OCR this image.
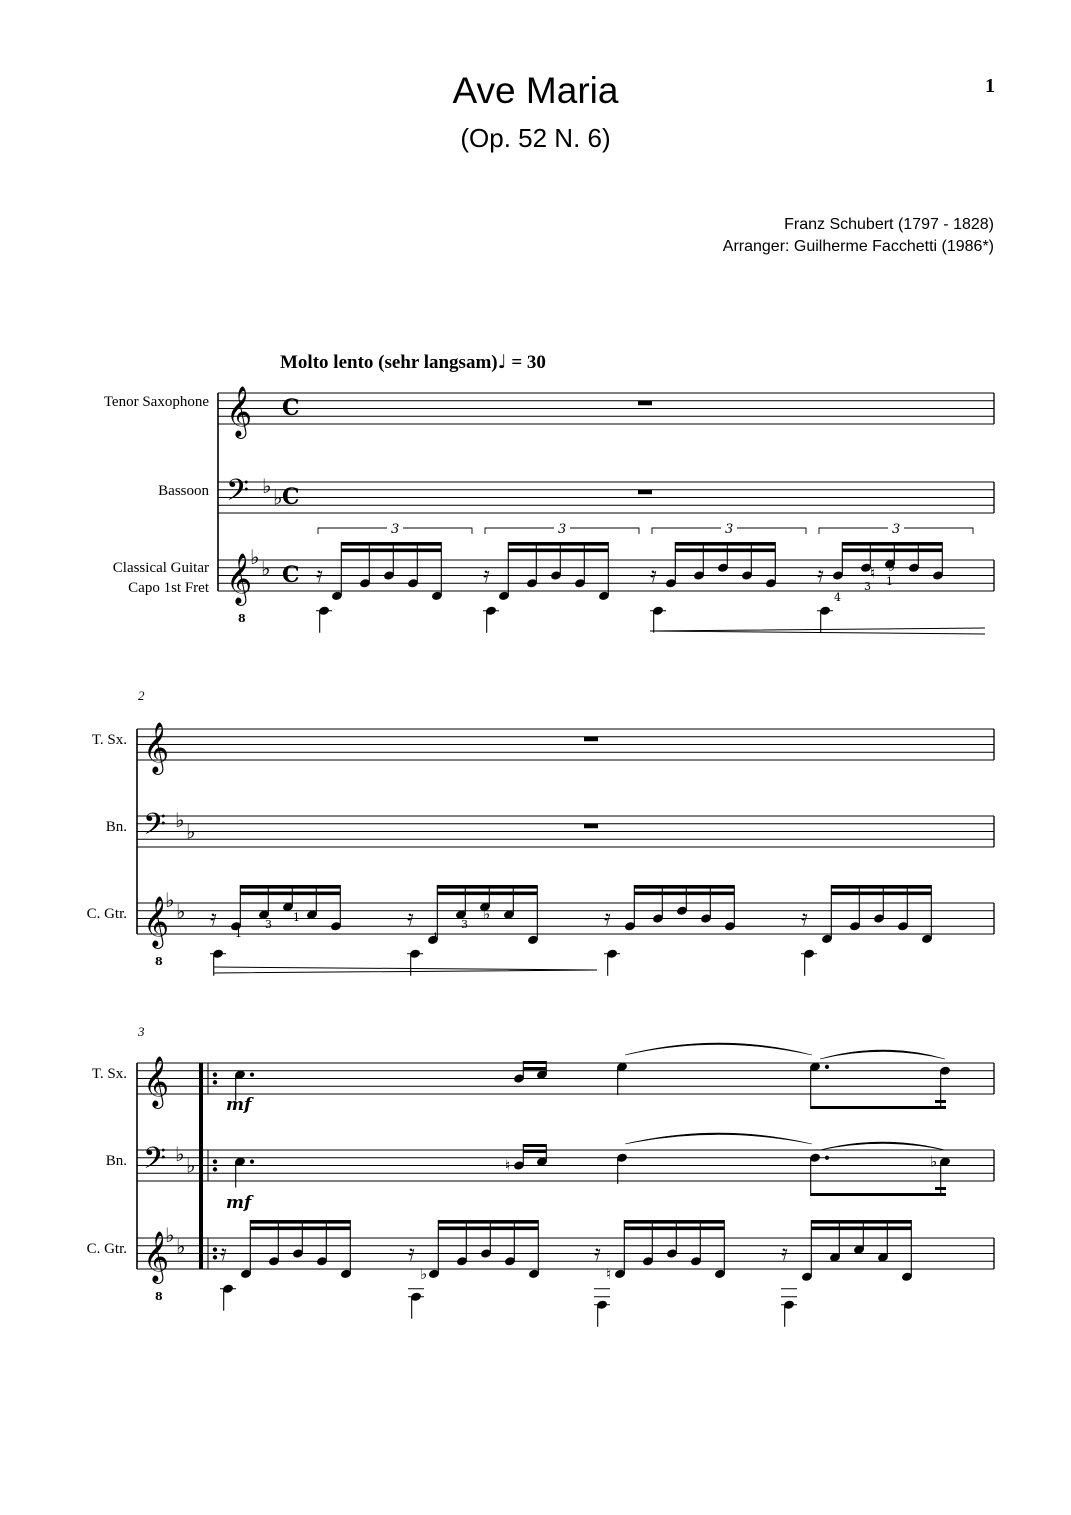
Ave Maria
(Op. 52 N. 6)
1
Franz Schubert (1797 - 1828)
Arranger: Guilherme Facchetti (1986*)
Molto lento (sehr langsam)♩ = 30
Tenor Saxophone
Bassoon
Classical Guitar
Capo 1st Fret
T. Sx.
Bn.
C. Gtr.
2
T. Sx.
Bn.
C. Gtr.
3
𝄞
𝄢
𝄞
8
♭ ♭
♭ ♭
C
C
C 𝄿
3
𝄿
3
𝄿
3
𝄿
3
4
3 1
♮ ♭
𝄞
𝄢
𝄞
8
♭ ♭
♭ ♭ 𝄿	𝄿	𝄿	𝄿
1
3
1
1
3
♭
𝄞
𝄢
𝄞
8
♭ ♭
♭ ♭
mf
♮	♭
mf
𝄿	𝄿
♭
𝄿
♮
𝄿
